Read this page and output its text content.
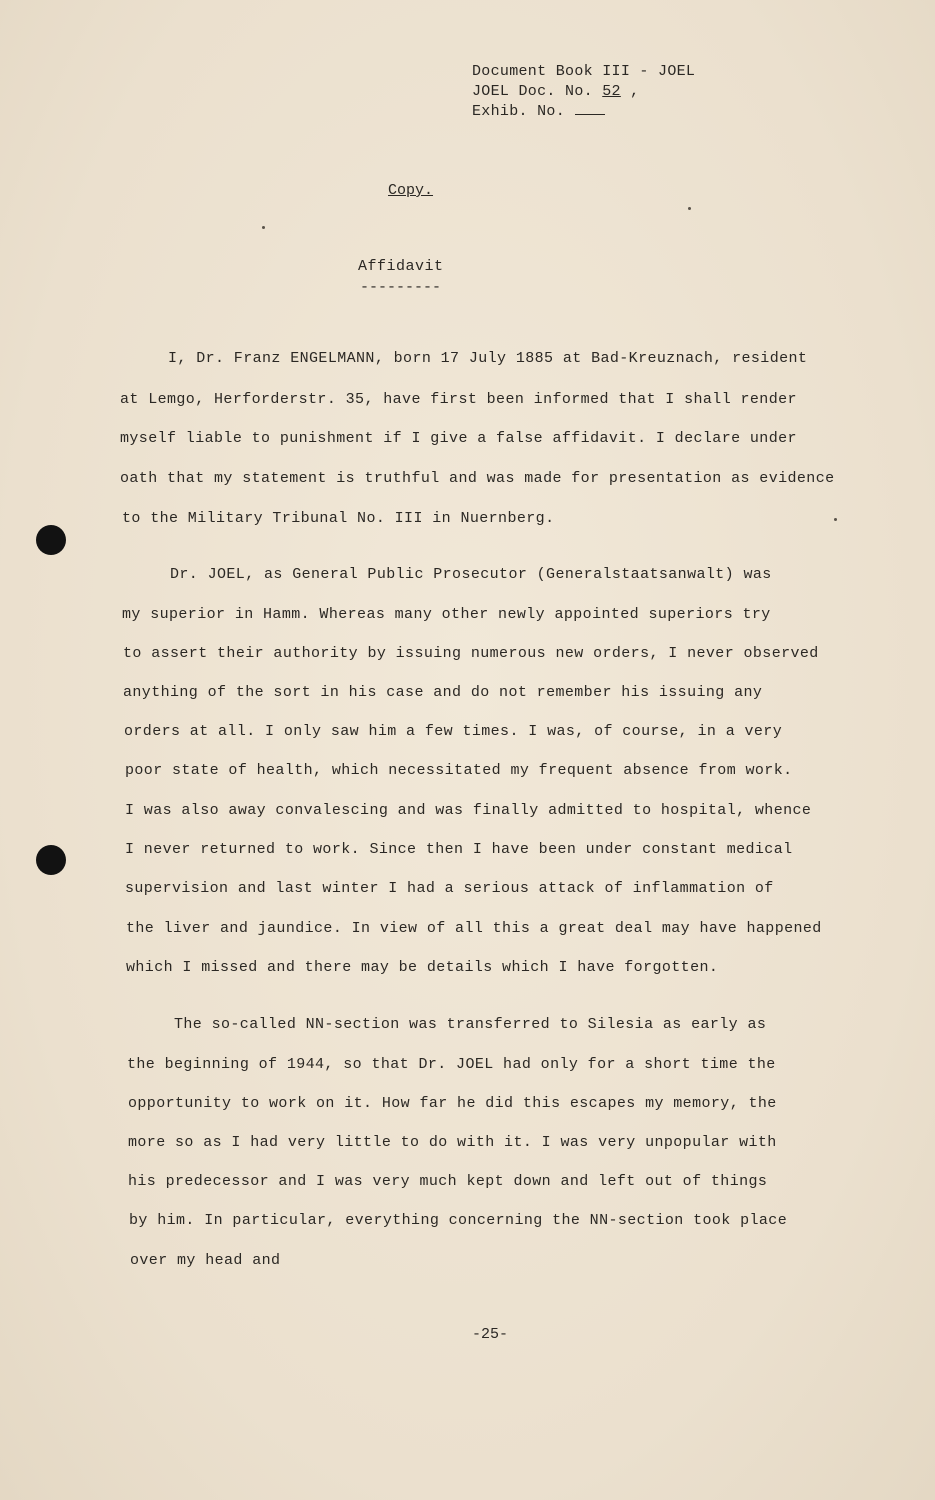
Document Book III - JOEL
JOEL Doc. No. 52 ,
Exhib. No.
Copy.
Affidavit
---------
I, Dr. Franz ENGELMANN, born 17 July 1885 at Bad-Kreuznach, resident
at Lemgo, Herforderstr. 35, have first been informed that I shall render
myself liable to punishment if I give a false affidavit. I declare under
oath that my statement is truthful and was made for presentation as evidence
to the Military Tribunal No. III in Nuernberg.
Dr. JOEL, as General Public Prosecutor (Generalstaatsanwalt) was
my superior in Hamm. Whereas many other newly appointed superiors try
to assert their authority by issuing numerous new orders, I never observed
anything of the sort in his case and do not remember his issuing any
orders at all. I only saw him a few times. I was, of course, in a very
poor state of health, which necessitated my frequent absence from work.
I was also away convalescing and was finally admitted to hospital, whence
I never returned to work. Since then I have been under constant medical
supervision and last winter I had a serious attack of inflammation of
the liver and jaundice. In view of all this a great deal may have happened
which I missed and there may be details which I have forgotten.
The so-called NN-section was transferred to Silesia as early as
the beginning of 1944, so that Dr. JOEL had only for a short time the
opportunity to work on it. How far he did this escapes my memory, the
more so as I had very little to do with it. I was very unpopular with
his predecessor and I was very much kept down and left out of things
by him. In particular, everything concerning the NN-section took place
over my head and
-25-
